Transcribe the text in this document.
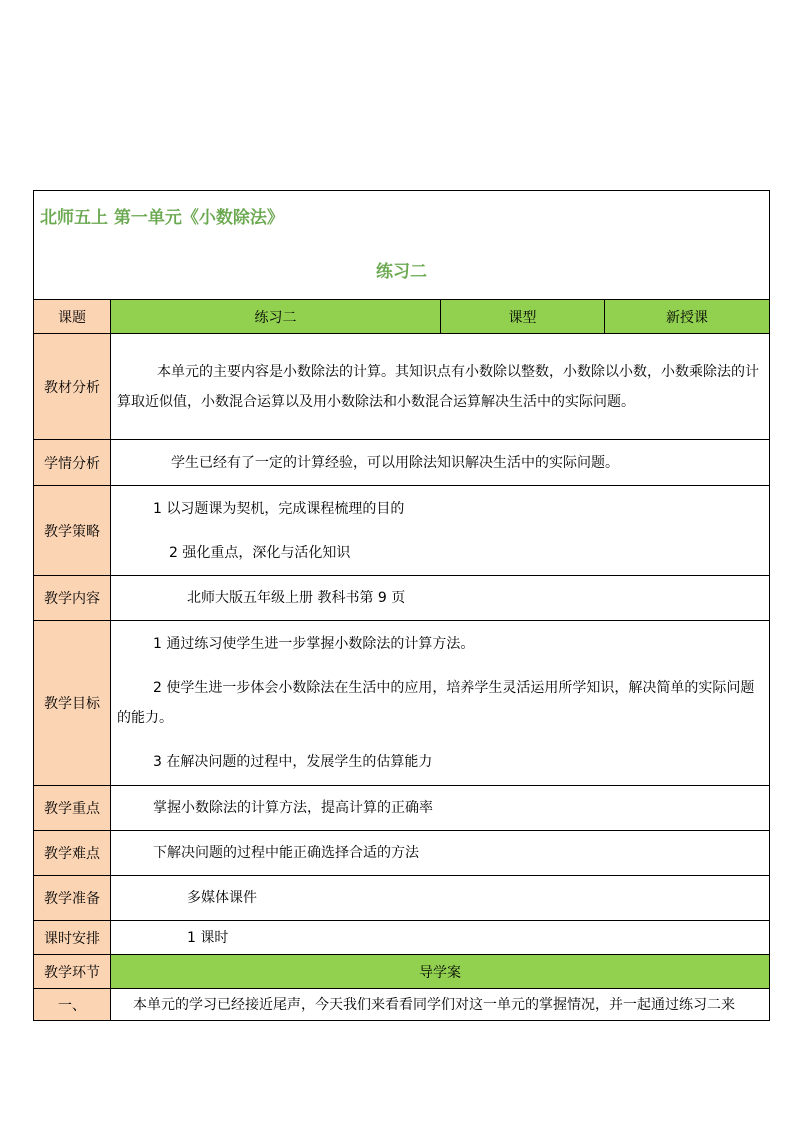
北师五上 第一单元《小数除法》
练习二			

课题	练习二	课型	新授课
教材分析	本单元的主要内容是小数除法的计算。其知识点有小数除以整数，小数除以小数，小数乘除法的计算取近似值，小数混合运算以及用小数除法和小数混合运算解决生活中的实际问题。		

学情分析	学生已经有了一定的计算经验，可以用除法知识解决生活中的实际问题。		

教学策略	1 以习题课为契机，完成课程梳理的目的

2 强化重点，深化与活化知识		

教学内容	北师大版五年级上册 教科书第 9 页		

教学目标	1 通过练习使学生进一步掌握小数除法的计算方法。

2 使学生进一步体会小数除法在生活中的应用，培养学生灵活运用所学知识，解决简单的实际问题的能力。

3 在解决问题的过程中，发展学生的估算能力		

教学重点	掌握小数除法的计算方法，提高计算的正确率		

教学难点	下解决问题的过程中能正确选择合适的方法		

教学准备	多媒体课件		

课时安排	1 课时		

教学环节	导学案		
一、	本单元的学习已经接近尾声，今天我们来看看同学们对这一单元的掌握情况，并一起通过练习二来		
